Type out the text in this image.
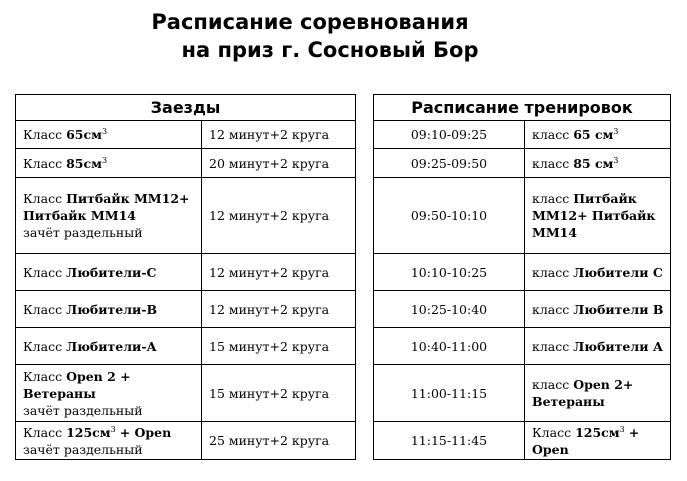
Расписание соревнования
на приз г. Сосновый Бор
Заезды	
Класс $65см^3$	12 минут+2 круга
Класс $85см^3$	20 минут+2 круга
Класс Питбайк ММ12+ Питбайк ММ14
зачёт раздельный	12 минут+2 круга
Класс Любители-С	12 минут+2 круга
Класс Любители-В	12 минут+2 круга
Класс Любители-А	15 минут+2 круга
Класс Open 2 + Ветераны
зачёт раздельный	15 минут+2 круга
Класс $125см^3$ + Open
зачёт раздельный	25 минут+2 круга
Расписание тренировок	
09:10-09:25	класс 65 $см^3$
09:25-09:50	класс 85 $см^3$
09:50-10:10	класс Питбайк ММ12+ Питбайк ММ14
10:10-10:25	класс Любители С
10:25-10:40	класс Любители В
10:40-11:00	класс Любители А
11:00-11:15	класс Open 2+ Ветераны
11:15-11:45	Класс $125см^3$ + Open
